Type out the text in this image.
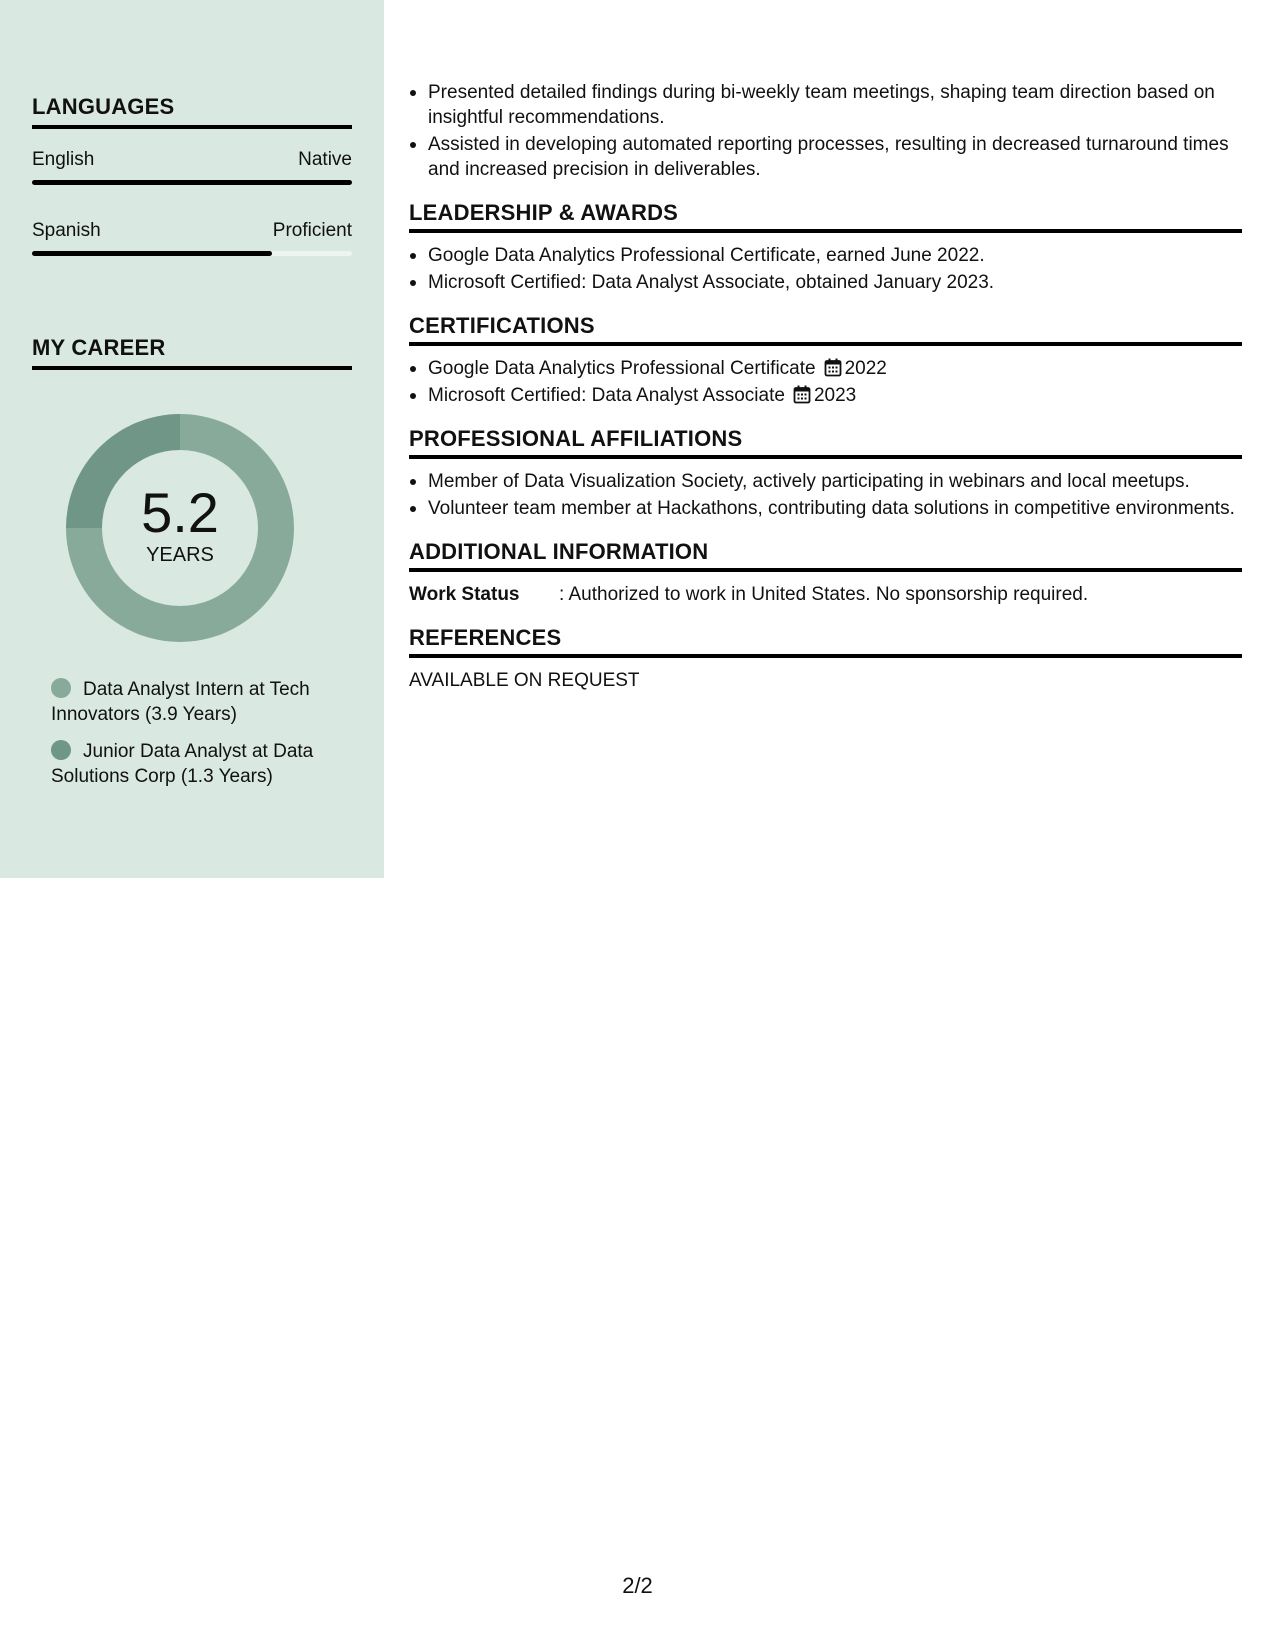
LANGUAGES
English	Native
Spanish	Proficient
MY CAREER
5.2
YEARS
Data Analyst Intern at Tech Innovators (3.9 Years)
Junior Data Analyst at Data Solutions Corp (1.3 Years)
Presented detailed findings during bi-weekly team meetings, shaping team direction based on insightful recommendations.
Assisted in developing automated reporting processes, resulting in decreased turnaround times and increased precision in deliverables.
LEADERSHIP & AWARDS
Google Data Analytics Professional Certificate, earned June 2022.
Microsoft Certified: Data Analyst Associate, obtained January 2023.
CERTIFICATIONS
Google Data Analytics Professional Certificate 2022
Microsoft Certified: Data Analyst Associate 2023
PROFESSIONAL AFFILIATIONS
Member of Data Visualization Society, actively participating in webinars and local meetups.
Volunteer team member at Hackathons, contributing data solutions in competitive environments.
ADDITIONAL INFORMATION
Work Status	: Authorized to work in United States. No sponsorship required.
REFERENCES
AVAILABLE ON REQUEST
2/2
